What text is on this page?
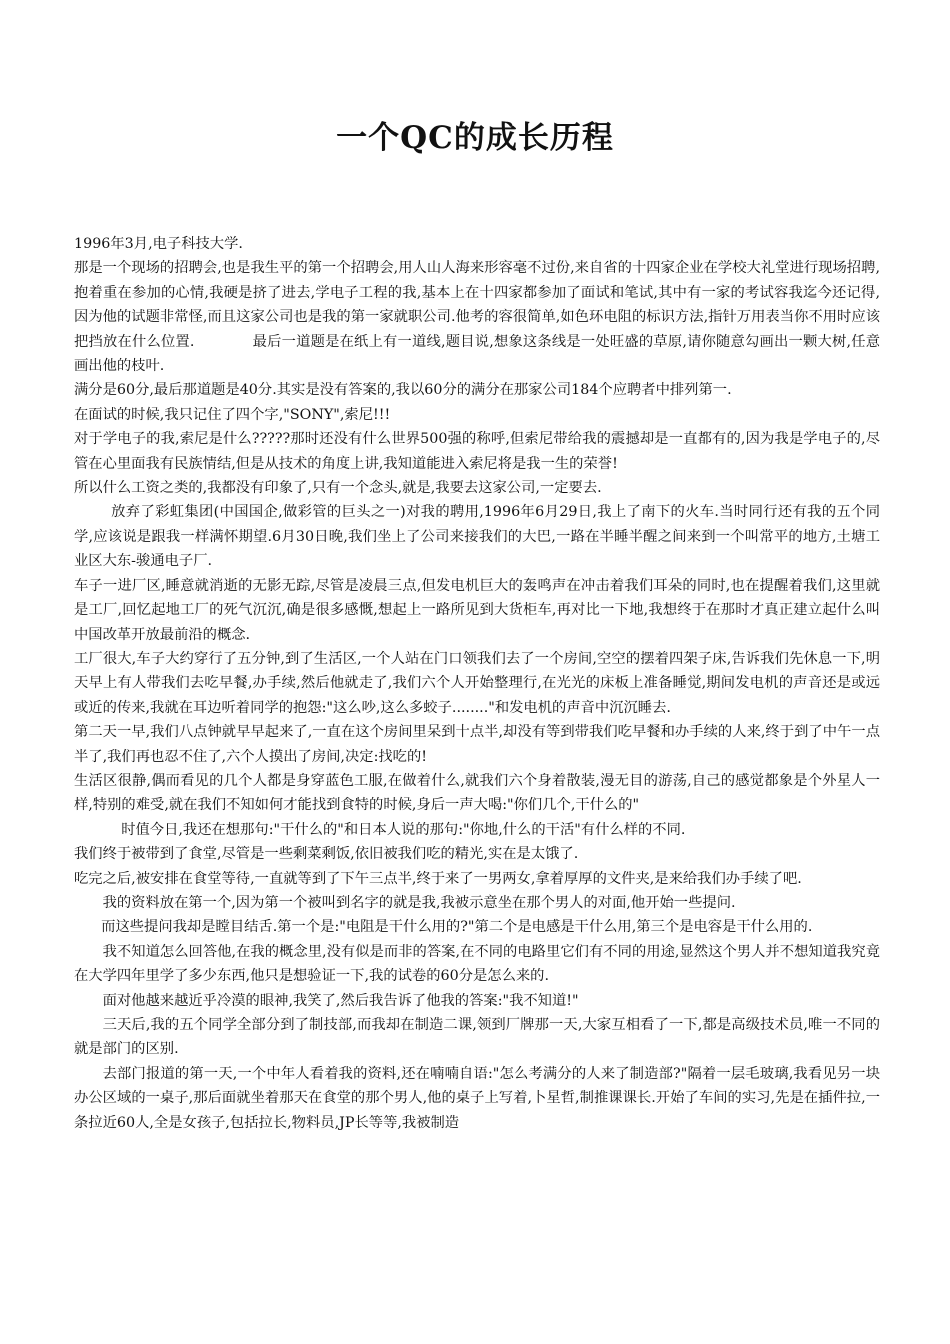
一个QC的成长历程

1996年3月,电子科技大学.

那是一个现场的招聘会,也是我生平的第一个招聘会,用人山人海来形容毫不过份,来自省的十四家企业在学校大礼堂进行现场招聘,抱着重在参加的心情,我硬是挤了进去,学电子工程的我,基本上在十四家都参加了面试和笔试,其中有一家的考试容我迄今还记得,因为他的试题非常怪,而且这家公司也是我的第一家就职公司.他考的容很简单,如色环电阻的标识方法,指针万用表当你不用时应该把挡放在什么位置.　　　　最后一道题是在纸上有一道线,题目说,想象这条线是一处旺盛的草原,请你随意勾画出一颗大树,任意画出他的枝叶.

满分是60分,最后那道题是40分.其实是没有答案的,我以60分的满分在那家公司184个应聘者中排列第一.

在面试的时候,我只记住了四个字,"SONY",索尼!!!

对于学电子的我,索尼是什么?????那时还没有什么世界500强的称呼,但索尼带给我的震撼却是一直都有的,因为我是学电子的,尽管在心里面我有民族情结,但是从技术的角度上讲,我知道能进入索尼将是我一生的荣誉!

所以什么工资之类的,我都没有印象了,只有一个念头,就是,我要去这家公司,一定要去.

放弃了彩虹集团(中国国企,做彩管的巨头之一)对我的聘用,1996年6月29日,我上了南下的火车.当时同行还有我的五个同学,应该说是跟我一样满怀期望.6月30日晚,我们坐上了公司来接我们的大巴,一路在半睡半醒之间来到一个叫常平的地方,土塘工业区大东-骏通电子厂.

车子一进厂区,睡意就消逝的无影无踪,尽管是凌晨三点,但发电机巨大的轰鸣声在冲击着我们耳朵的同时,也在提醒着我们,这里就是工厂,回忆起地工厂的死气沉沉,确是很多感慨,想起上一路所见到大货柜车,再对比一下地,我想终于在那时才真正建立起什么叫中国改革开放最前沿的概念.

工厂很大,车子大约穿行了五分钟,到了生活区,一个人站在门口领我们去了一个房间,空空的摆着四架子床,告诉我们先休息一下,明天早上有人带我们去吃早餐,办手续,然后他就走了,我们六个人开始整理行,在光光的床板上准备睡觉,期间发电机的声音还是或远或近的传来,我就在耳边听着同学的抱怨:"这么吵,这么多蛟子........"和发电机的声音中沉沉睡去.

第二天一早,我们八点钟就早早起来了,一直在这个房间里呆到十点半,却没有等到带我们吃早餐和办手续的人来,终于到了中午一点半了,我们再也忍不住了,六个人摸出了房间,决定:找吃的!

生活区很静,偶而看见的几个人都是身穿蓝色工服,在做着什么,就我们六个身着散装,漫无目的游荡,自己的感觉都象是个外星人一样,特别的难受,就在我们不知如何才能找到食特的时候,身后一声大喝:"你们几个,干什么的"

时值今日,我还在想那句:"干什么的"和日本人说的那句:"你地,什么的干活"有什么样的不同.

我们终于被带到了食堂,尽管是一些剩菜剩饭,依旧被我们吃的精光,实在是太饿了.

吃完之后,被安排在食堂等待,一直就等到了下午三点半,终于来了一男两女,拿着厚厚的文件夹,是来给我们办手续了吧.

我的资料放在第一个,因为第一个被叫到名字的就是我,我被示意坐在那个男人的对面,他开始一些提问.

而这些提问我却是瞠目结舌.第一个是:"电阻是干什么用的?"第二个是电感是干什么用,第三个是电容是干什么用的.

我不知道怎么回答他,在我的概念里,没有似是而非的答案,在不同的电路里它们有不同的用途,显然这个男人并不想知道我究竟在大学四年里学了多少东西,他只是想验证一下,我的试卷的60分是怎么来的.

面对他越来越近乎冷漠的眼神,我笑了,然后我告诉了他我的答案:"我不知道!"

三天后,我的五个同学全部分到了制技部,而我却在制造二课,领到厂牌那一天,大家互相看了一下,都是高级技术员,唯一不同的就是部门的区别.

去部门报道的第一天,一个中年人看着我的资料,还在喃喃自语:"怎么考满分的人来了制造部?"隔着一层毛玻璃,我看见另一块办公区域的一桌子,那后面就坐着那天在食堂的那个男人,他的桌子上写着,卜星哲,制推课课长.开始了车间的实习,先是在插件拉,一条拉近60人,全是女孩子,包括拉长,物料员,JP长等等,我被制造
